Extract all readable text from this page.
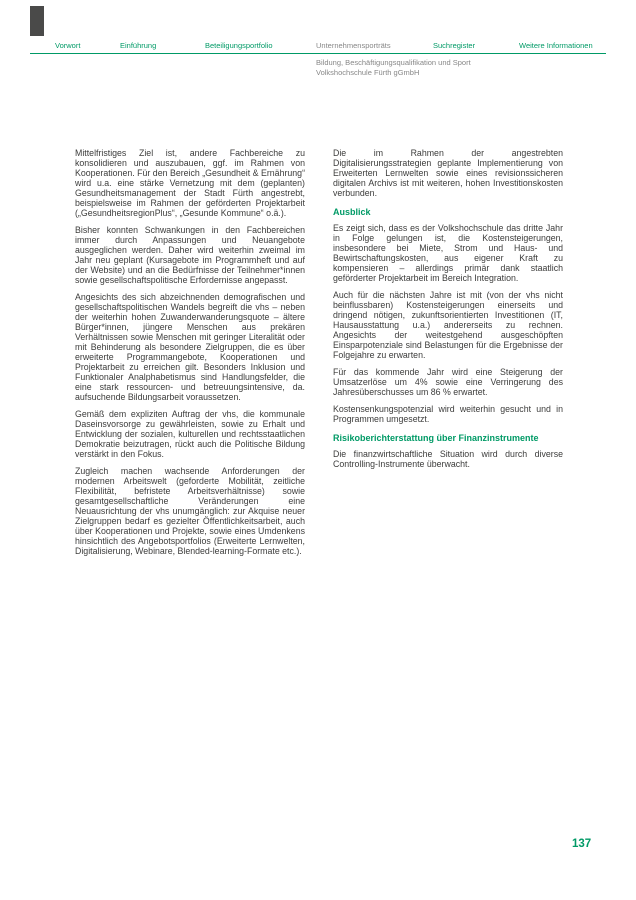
Vorwort	Einführung	Beteiligungsportfolio	Unternehmensporträts	Suchregister	Weitere Informationen
Bildung, Beschäftigungsqualifikation und Sport
Volkshochschule Fürth gGmbH

Mittelfristiges Ziel ist, andere Fachbereiche zu konsolidieren und auszubauen, ggf. im Rahmen von Kooperationen. Für den Bereich „Gesundheit & Ernährung“ wird u.a. eine stärke Vernetzung mit dem (geplanten) Gesundheitsmanagement der Stadt Fürth angestrebt, beispielsweise im Rahmen der geförderten Projektarbeit („GesundheitsregionPlus“, „Gesunde Kommune“ o.ä.).

Bisher konnten Schwankungen in den Fachbereichen immer durch Anpassungen und Neuangebote ausgeglichen werden. Daher wird weiterhin zweimal im Jahr neu geplant (Kursagebote im Programmheft und auf der Website) und an die Bedürfnisse der Teilnehmer*innen sowie gesellschaftspolitische Erfordernisse angepasst.

Angesichts des sich abzeichnenden demografischen und gesellschaftspolitischen Wandels begreift die vhs – neben der weiterhin hohen Zuwanderwanderungsquote – ältere Bürger*innen, jüngere Menschen aus prekären Verhältnissen sowie Menschen mit geringer Literalität oder mit Behinderung als besondere Zielgruppen, die es über erweiterte Programmangebote, Kooperationen und Projektarbeit zu erreichen gilt. Besonders Inklusion und Funktionaler Analphabetismus sind Handlungsfelder, die eine stark ressourcen- und betreuungsintensive, da. aufsuchende Bildungsarbeit voraussetzen.

Gemäß dem expliziten Auftrag der vhs, die kommunale Daseinsvorsorge zu gewährleisten, sowie zu Erhalt und Entwicklung der sozialen, kulturellen und rechtsstaatlichen Demokratie beizutragen, rückt auch die Politische Bildung verstärkt in den Fokus.

Zugleich machen wachsende Anforderungen der modernen Arbeitswelt (geforderte Mobilität, zeitliche Flexibilität, befristete Arbeitsverhältnisse) sowie gesamtgesellschaftliche Veränderungen eine Neuausrichtung der vhs unumgänglich: zur Akquise neuer Zielgruppen bedarf es gezielter Öffentlichkeitsarbeit, auch über Kooperationen und Projekte, sowie eines Umdenkens hinsichtlich des Angebotsportfolios (Erweiterte Lernwelten, Digitalisierung, Webinare, Blended-learning-Formate etc.).

Die im Rahmen der angestrebten Digitalisierungsstrategien geplante Implementierung von Erweiterten Lernwelten sowie eines revisionssicheren digitalen Archivs ist mit weiteren, hohen Investitionskosten verbunden.

Ausblick

Es zeigt sich, dass es der Volkshochschule das dritte Jahr in Folge gelungen ist, die Kostensteigerungen, insbesondere bei Miete, Strom und Haus- und Bewirtschaftungskosten, aus eigener Kraft zu kompensieren – allerdings primär dank staatlich geförderter Projektarbeit im Bereich Integration.

Auch für die nächsten Jahre ist mit (von der vhs nicht beinflussbaren) Kostensteigerungen einerseits und dringend nötigen, zukunftsorientierten Investitionen (IT, Hausausstattung u.a.) andererseits zu rechnen. Angesichts der weitestgehend ausgeschöpften Einsparpotenziale sind Belastungen für die Ergebnisse der Folgejahre zu erwarten.

Für das kommende Jahr wird eine Steigerung der Umsatzerlöse um 4% sowie eine Verringerung des Jahresüberschusses um 86 % erwartet.

Kostensenkungspotenzial wird weiterhin gesucht und in Programmen umgesetzt.

Risikoberichterstattung über Finanzinstrumente

Die finanzwirtschaftliche Situation wird durch diverse Controlling-Instrumente überwacht.

137
